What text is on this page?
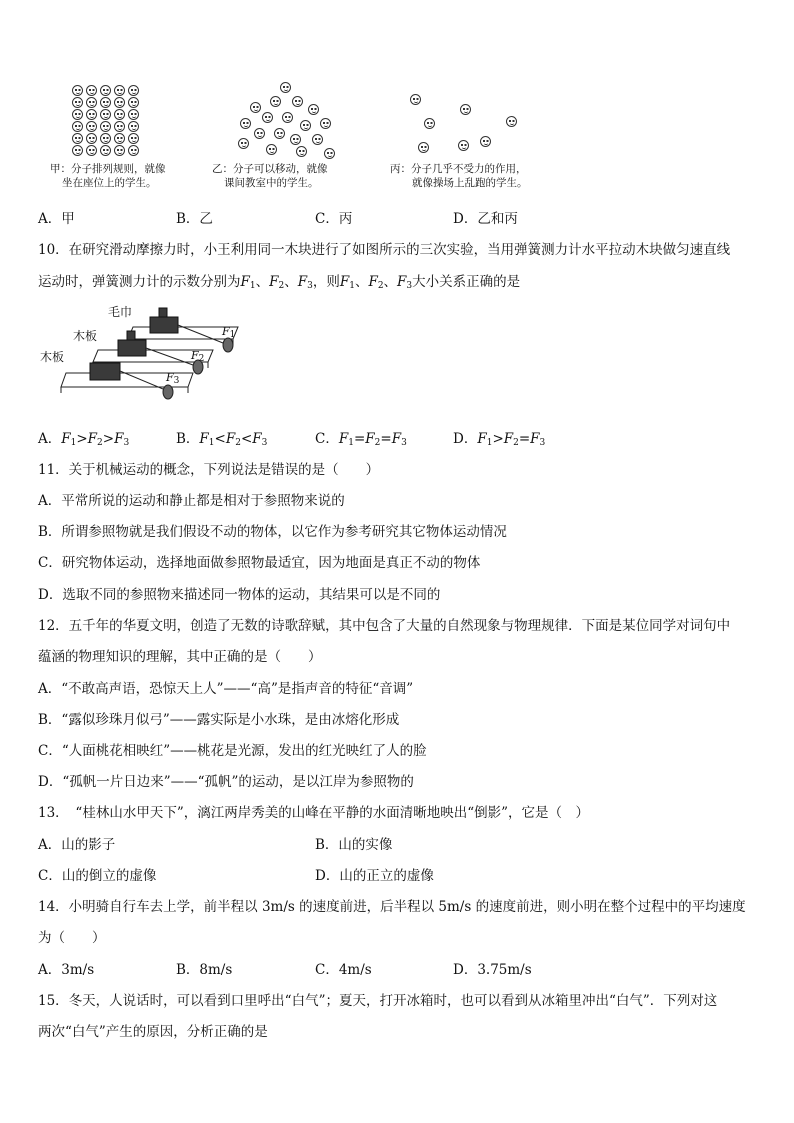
甲：分子排列规则，就像
坐在座位上的学生。
乙：分子可以移动，就像
课间教室中的学生。
丙：分子几乎不受力的作用，
就像操场上乱跑的学生。
A．甲	B．乙	C．丙	D．乙和丙
10．在研究滑动摩擦力时，小王利用同一木块进行了如图所示的三次实验，当用弹簧测力计水平拉动木块做匀速直线
运动时，弹簧测力计的示数分别为$F_1$、$F_2$、$F_3$，则$F_1$、$F_2$、$F_3$大小关系正确的是
毛巾
木板
木板
$F_1$
$F_2$
$F_3$
A．$F_1>F_2>F_3$	B．$F_1<F_2<F_3$	C．$F_1=F_2=F_3$	D．$F_1>F_2=F_3$
11．关于机械运动的概念，下列说法是错误的是（　　）
A．平常所说的运动和静止都是相对于参照物来说的
B．所谓参照物就是我们假设不动的物体，以它作为参考研究其它物体运动情况
C．研究物体运动，选择地面做参照物最适宜，因为地面是真正不动的物体
D．选取不同的参照物来描述同一物体的运动，其结果可以是不同的
12．五千年的华夏文明，创造了无数的诗歌辞赋，其中包含了大量的自然现象与物理规律．下面是某位同学对词句中
蕴涵的物理知识的理解，其中正确的是（　　）
A．“不敢高声语，恐惊天上人”——“高”是指声音的特征“音调”
B．“露似珍珠月似弓”——露实际是小水珠，是由冰熔化形成
C．“人面桃花相映红”——桃花是光源，发出的红光映红了人的脸
D．“孤帆一片日边来”——“孤帆”的运动，是以江岸为参照物的
13．　“桂林山水甲天下”，漓江两岸秀美的山峰在平静的水面清晰地映出“倒影”，它是（　）
A．山的影子	B．山的实像
C．山的倒立的虚像	D．山的正立的虚像
14．小明骑自行车去上学，前半程以 3m/s 的速度前进，后半程以 5m/s 的速度前进，则小明在整个过程中的平均速度
为（　　）
A．3m/s	B．8m/s	C．4m/s	D．3.75m/s
15．冬天，人说话时，可以看到口里呼出“白气”；夏天，打开冰箱时，也可以看到从冰箱里冲出“白气”．下列对这
两次“白气”产生的原因，分析正确的是
